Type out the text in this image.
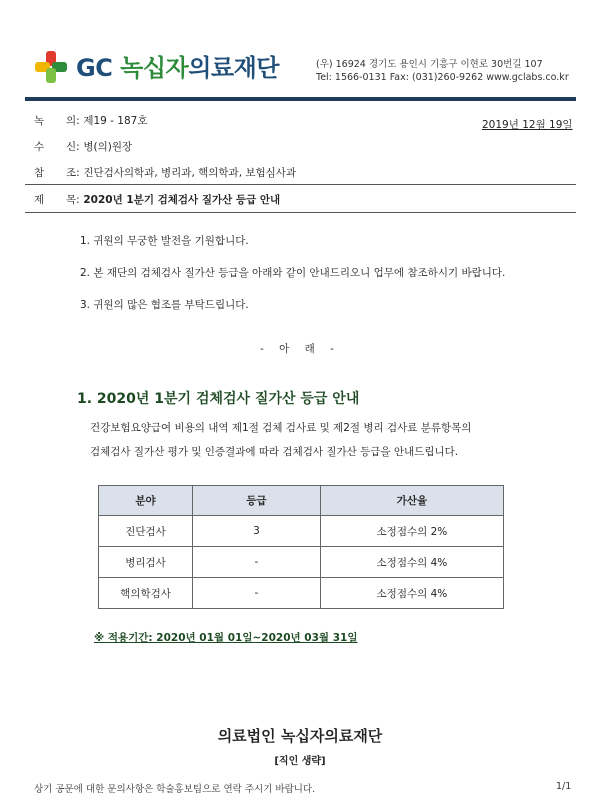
GC 녹십자의료재단	(우) 16924 경기도 용인시 기흥구 이현로 30번길 107
Tel: 1566-0131 Fax: (031)260-9262 www.gclabs.co.kr
녹 의: 제19 - 187호	2019년 12월 19일
수 신: 병(의)원장
참 조: 진단검사의학과, 병리과, 핵의학과, 보험심사과
제 목: 2020년 1분기 검체검사 질가산 등급 안내
1. 귀원의 무궁한 발전을 기원합니다.
2. 본 재단의 검체검사 질가산 등급을 아래와 같이 안내드리오니 업무에 참조하시기 바랍니다.
3. 귀원의 많은 협조를 부탁드립니다.
- 아 래 -
1. 2020년 1분기 검체검사 질가산 등급 안내
건강보험요양급여 비용의 내역 제1절 검체 검사료 및 제2절 병리 검사료 분류항목의
검체검사 질가산 평가 및 인증결과에 따라 검체검사 질가산 등급을 안내드립니다.
분야	등급	가산율
진단검사	3	소정점수의 2%
병리검사	-	소정점수의 4%
핵의학검사	-	소정점수의 4%
※ 적용기간: 2020년 01월 01일~2020년 03월 31일
의료법인 녹십자의료재단
[직인 생략]
상기 공문에 대한 문의사항은 학술홍보팀으로 연락 주시기 바랍니다.	1/1
